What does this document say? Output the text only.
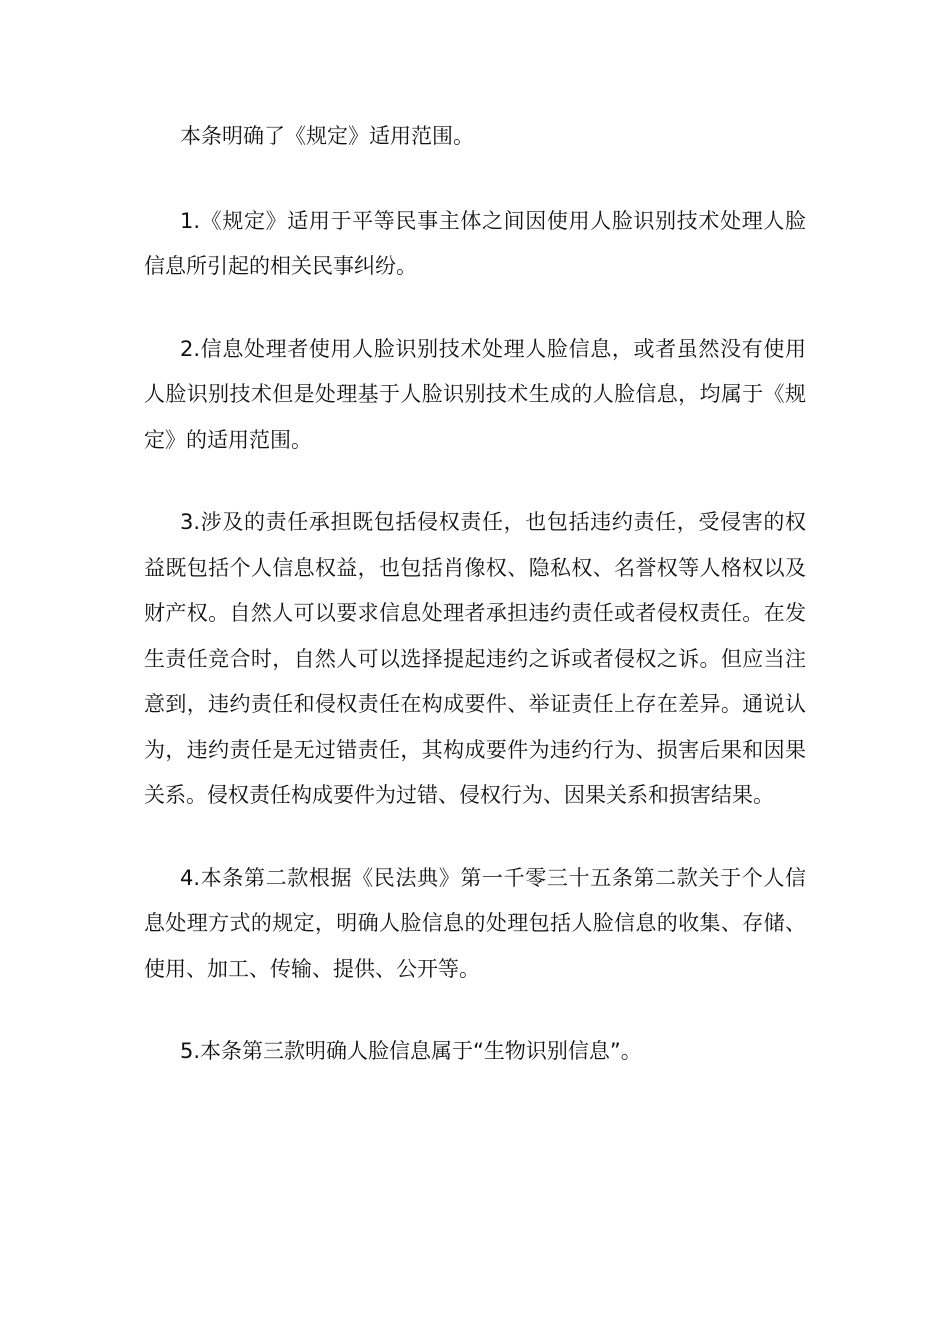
本条明确了《规定》适用范围。

1.《规定》适用于平等民事主体之间因使用人脸识别技术处理人脸信息所引起的相关民事纠纷。

2.信息处理者使用人脸识别技术处理人脸信息，或者虽然没有使用人脸识别技术但是处理基于人脸识别技术生成的人脸信息，均属于《规定》的适用范围。

3.涉及的责任承担既包括侵权责任，也包括违约责任，受侵害的权益既包括个人信息权益，也包括肖像权、隐私权、名誉权等人格权以及财产权。自然人可以要求信息处理者承担违约责任或者侵权责任。在发生责任竞合时，自然人可以选择提起违约之诉或者侵权之诉。但应当注意到，违约责任和侵权责任在构成要件、举证责任上存在差异。通说认为，违约责任是无过错责任，其构成要件为违约行为、损害后果和因果关系。侵权责任构成要件为过错、侵权行为、因果关系和损害结果。

4.本条第二款根据《民法典》第一千零三十五条第二款关于个人信息处理方式的规定，明确人脸信息的处理包括人脸信息的收集、存储、使用、加工、传输、提供、公开等。

5.本条第三款明确人脸信息属于“生物识别信息”。
